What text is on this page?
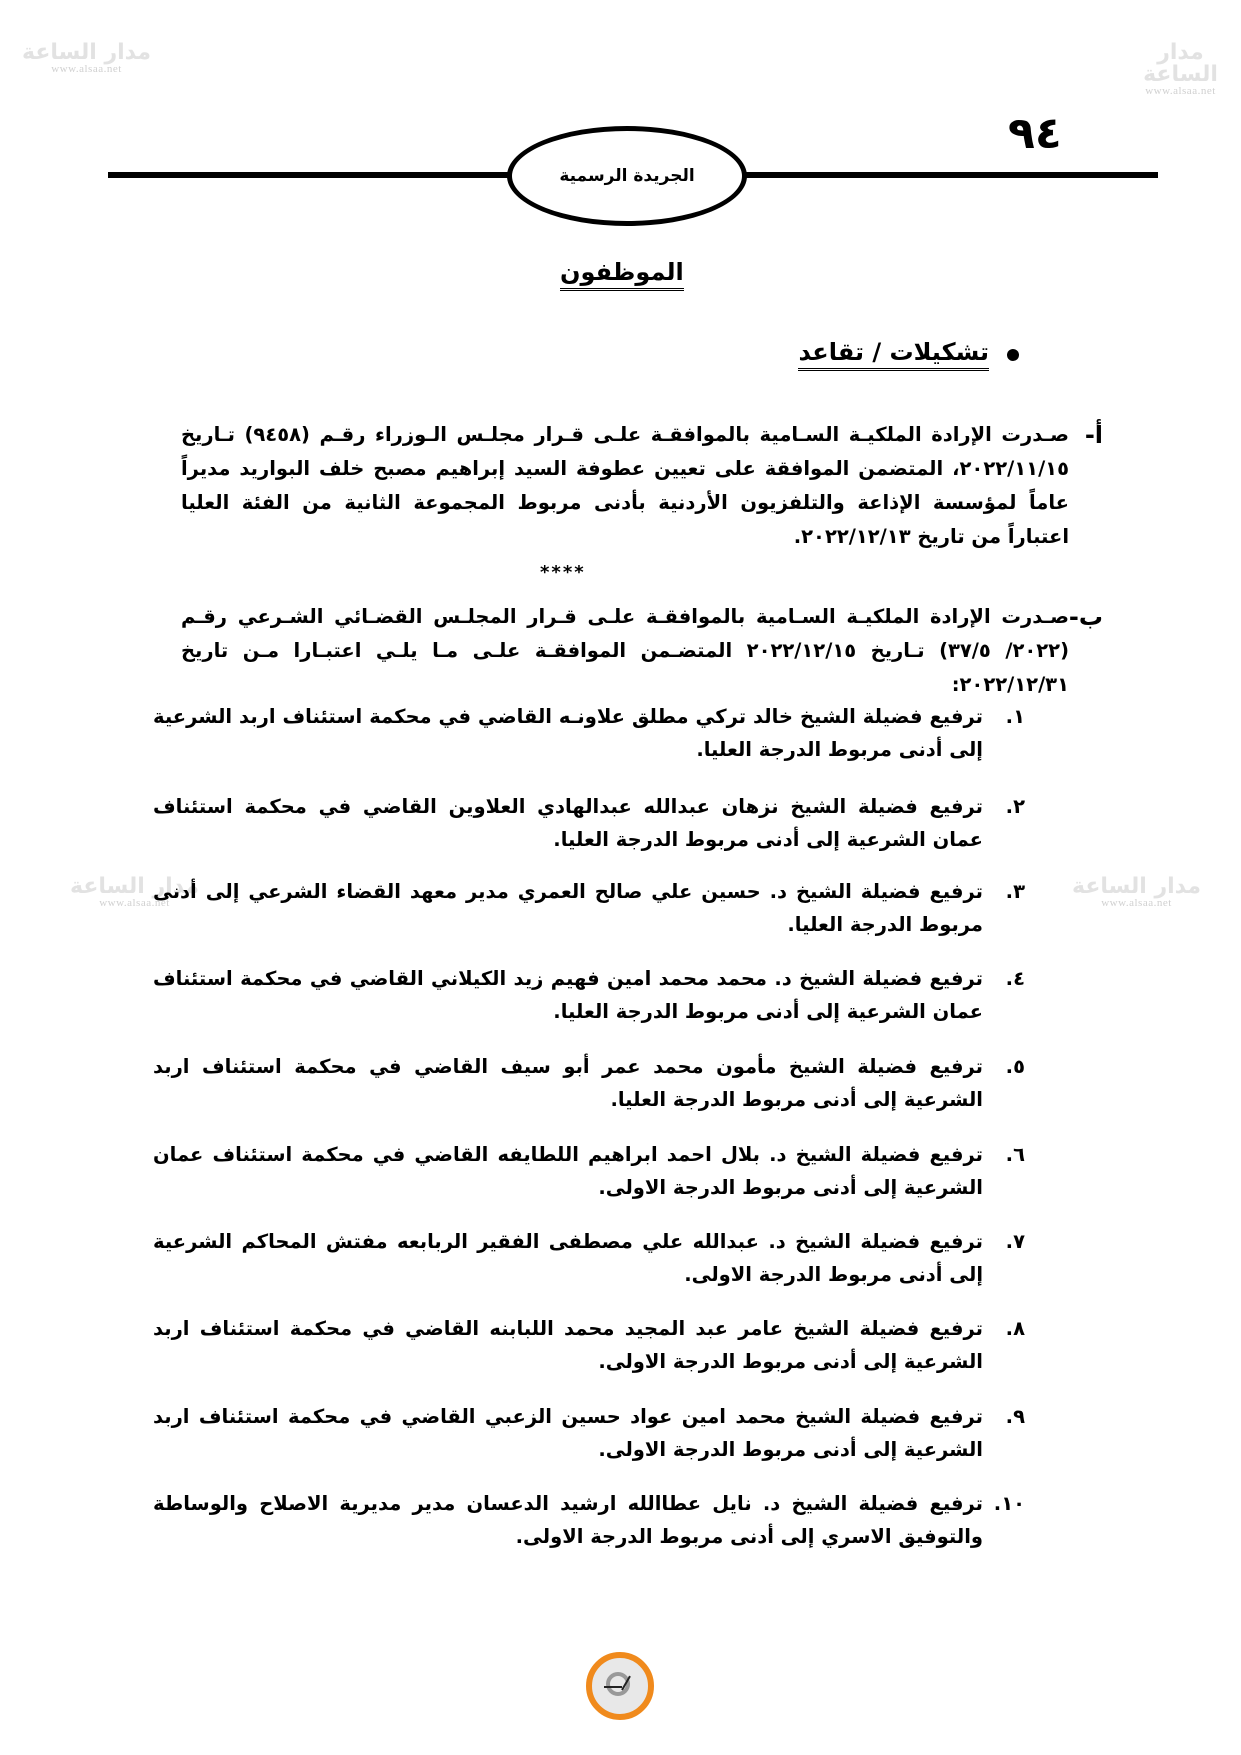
مدار الساعة
www.alsaa.net
مدار الساعة
www.alsaa.net
مدار الساعة
www.alsaa.net
مدار الساعة
www.alsaa.net
٩٤
الجريدة الرسمية
الموظفون
تشكيلات / تقاعد
أ-
صـدرت الإرادة الملكيـة السـامية بالموافقـة علـى قـرار مجلـس الـوزراء رقـم (٩٤٥٨) تـاريخ ٢٠٢٢/١١/١٥، المتضمن الموافقة على تعيين عطوفة السيد إبراهيم مصبح خلف البواريد مديراً عاماً لمؤسسة الإذاعة والتلفزيون الأردنية بأدنى مربوط المجموعة الثانية من الفئة العليا اعتباراً من تاريخ ٢٠٢٢/١٢/١٣.
****
ب-
صـدرت الإرادة الملكيـة السـامية بالموافقـة علـى قـرار المجلـس القضـائي الشـرعي رقـم (٢٠٢٢/ ٣٧/٥) تـاريخ ٢٠٢٢/١٢/١٥ المتضـمن الموافقـة علـى مـا يلـي اعتبـارا مـن تاريخ ٢٠٢٢/١٢/٣١:
١.
ترفيع فضيلة الشيخ خالد تركي مطلق علاونـه القاضي في محكمة استئناف اربد الشرعية إلى أدنى مربوط الدرجة العليا.
٢.
ترفيع فضيلة الشيخ نزهان عبدالله عبدالهادي العلاوين القاضي في محكمة استئناف عمان الشرعية إلى أدنى مربوط الدرجة العليا.
٣.
ترفيع فضيلة الشيخ د. حسين علي صالح العمري مدير معهد القضاء الشرعي إلى أدنى مربوط الدرجة العليا.
٤.
ترفيع فضيلة الشيخ د. محمد محمد امين فهيم زيد الكيلاني القاضي في محكمة استئناف عمان الشرعية إلى أدنى مربوط الدرجة العليا.
٥.
ترفيع فضيلة الشيخ مأمون محمد عمر أبو سيف القاضي في محكمة استئناف اربد الشرعية إلى أدنى مربوط الدرجة العليا.
٦.
ترفيع فضيلة الشيخ د. بلال احمد ابراهيم اللطايفه القاضي في محكمة استئناف عمان الشرعية إلى أدنى مربوط الدرجة الاولى.
٧.
ترفيع فضيلة الشيخ د. عبدالله علي مصطفى الفقير الربابعه مفتش المحاكم الشرعية إلى أدنى مربوط الدرجة الاولى.
٨.
ترفيع فضيلة الشيخ عامر عبد المجيد محمد اللبابنه القاضي في محكمة استئناف اربد الشرعية إلى أدنى مربوط الدرجة الاولى.
٩.
ترفيع فضيلة الشيخ محمد امين عواد حسين الزعبي القاضي في محكمة استئناف اربد الشرعية إلى أدنى مربوط الدرجة الاولى.
١٠.
ترفيع فضيلة الشيخ د. نايل عطاالله ارشيد الدعسان مدير مديرية الاصلاح والوساطة والتوفيق الاسري إلى أدنى مربوط الدرجة الاولى.
